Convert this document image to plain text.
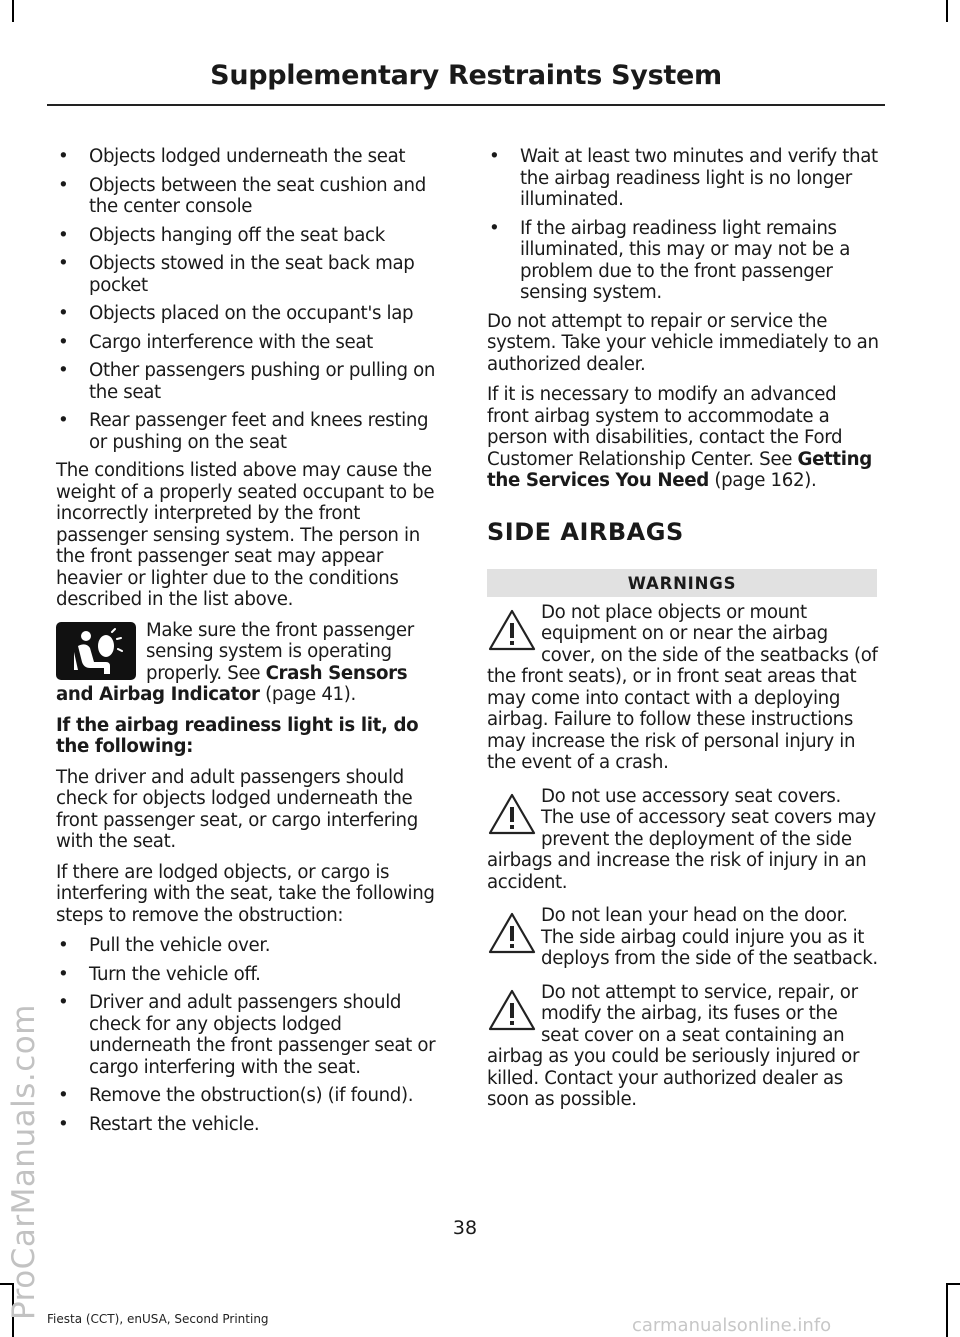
Supplementary Restraints System
• Objects lodged underneath the seat
• Objects between the seat cushion and the center console
• Objects hanging off the seat back
• Objects stowed in the seat back map pocket
• Objects placed on the occupant's lap
• Cargo interference with the seat
• Other passengers pushing or pulling on the seat
• Rear passenger feet and knees resting or pushing on the seat

The conditions listed above may cause the weight of a properly seated occupant to be incorrectly interpreted by the front passenger sensing system. The person in the front passenger seat may appear heavier or lighter due to the conditions described in the list above.

Make sure the front passenger sensing system is operating properly. See Crash Sensors and Airbag Indicator (page 41).

If the airbag readiness light is lit, do the following:

The driver and adult passengers should check for objects lodged underneath the front passenger seat, or cargo interfering with the seat.

If there are lodged objects, or cargo is interfering with the seat, take the following steps to remove the obstruction:

• Pull the vehicle over.
• Turn the vehicle off.
• Driver and adult passengers should check for any objects lodged underneath the front passenger seat or cargo interfering with the seat.
• Remove the obstruction(s) (if found).
• Restart the vehicle.
• Wait at least two minutes and verify that the airbag readiness light is no longer illuminated.
• If the airbag readiness light remains illuminated, this may or may not be a problem due to the front passenger sensing system.

Do not attempt to repair or service the system. Take your vehicle immediately to an authorized dealer.

If it is necessary to modify an advanced front airbag system to accommodate a person with disabilities, contact the Ford Customer Relationship Center. See Getting the Services You Need (page 162).

SIDE AIRBAGS
WARNINGS
Do not place objects or mount equipment on or near the airbag cover, on the side of the seatbacks (of the front seats), or in front seat areas that may come into contact with a deploying airbag. Failure to follow these instructions may increase the risk of personal injury in the event of a crash.
Do not use accessory seat covers. The use of accessory seat covers may prevent the deployment of the side airbags and increase the risk of injury in an accident.
Do not lean your head on the door. The side airbag could injure you as it deploys from the side of the seatback.
Do not attempt to service, repair, or modify the airbag, its fuses or the seat cover on a seat containing an airbag as you could be seriously injured or killed. Contact your authorized dealer as soon as possible.
38
Fiesta (CCT), enUSA, Second Printing
ProCarManuals.com
carmanualsonline.info
